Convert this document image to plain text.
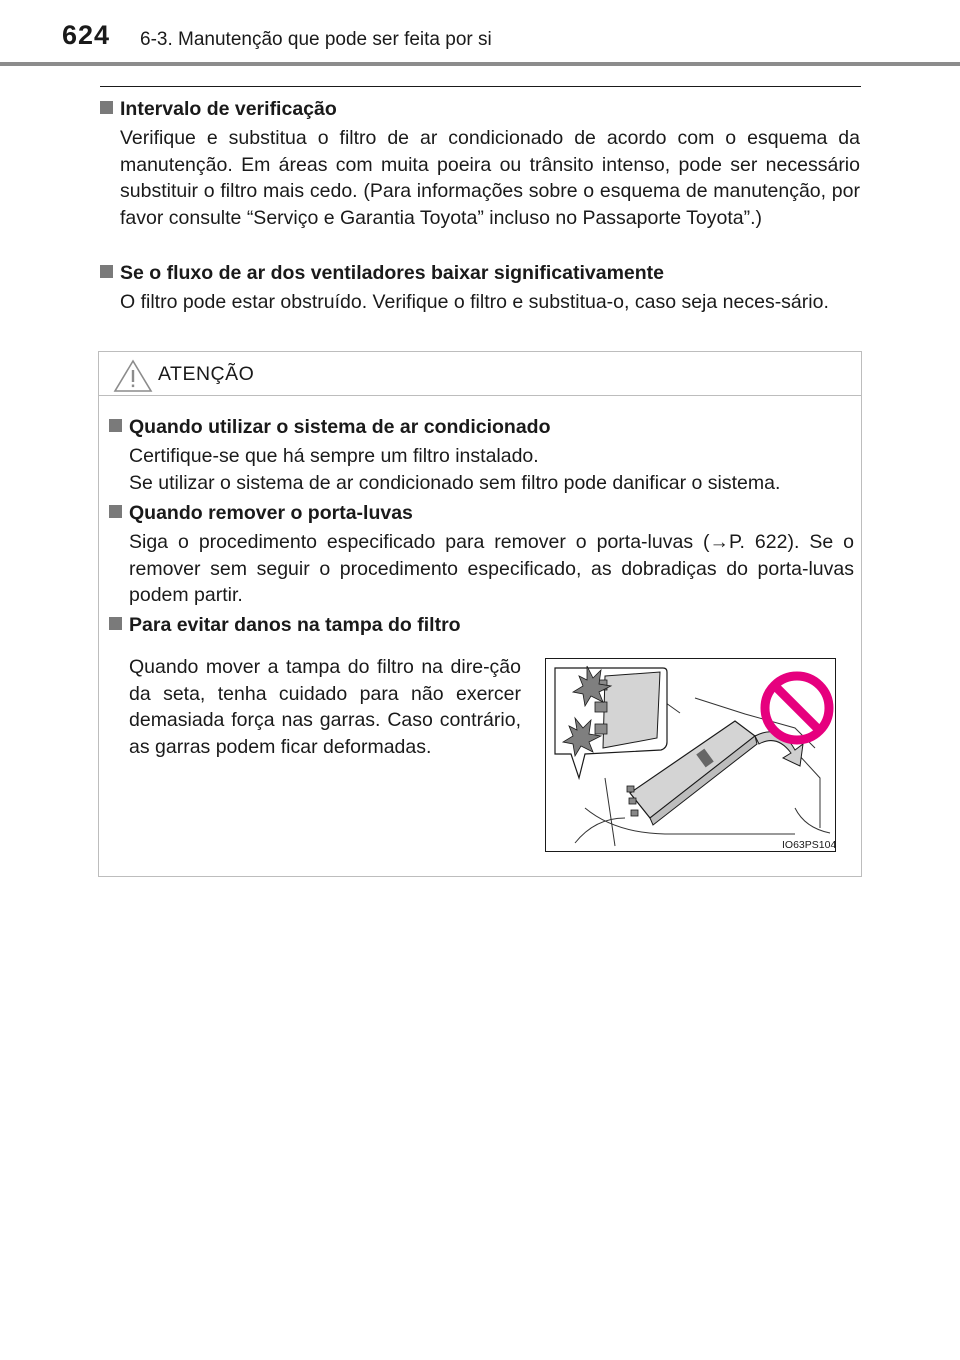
624 6-3. Manutenção que pode ser feita por si
Intervalo de verificação
Verifique e substitua o filtro de ar condicionado de acordo com o esquema da manutenção. Em áreas com muita poeira ou trânsito intenso, pode ser necessário substituir o filtro mais cedo. (Para informações sobre o esquema de manutenção, por favor consulte “Serviço e Garantia Toyota” incluso no Passaporte Toyota”.)
Se o fluxo de ar dos ventiladores baixar significativamente
O filtro pode estar obstruído. Verifique o filtro e substitua-o, caso seja neces-sário.
ATENÇÃO
Quando utilizar o sistema de ar condicionado
Certifique-se que há sempre um filtro instalado.
Se utilizar o sistema de ar condicionado sem filtro pode danificar o sistema.
Quando remover o porta-luvas
Siga o procedimento especificado para remover o porta-luvas (→P. 622). Se o remover sem seguir o procedimento especificado, as dobradiças do porta-luvas podem partir.
Para evitar danos na tampa do filtro
Quando mover a tampa do filtro na dire-ção da seta, tenha cuidado para não exercer demasiada força nas garras. Caso contrário, as garras podem ficar deformadas.
IO63PS104
